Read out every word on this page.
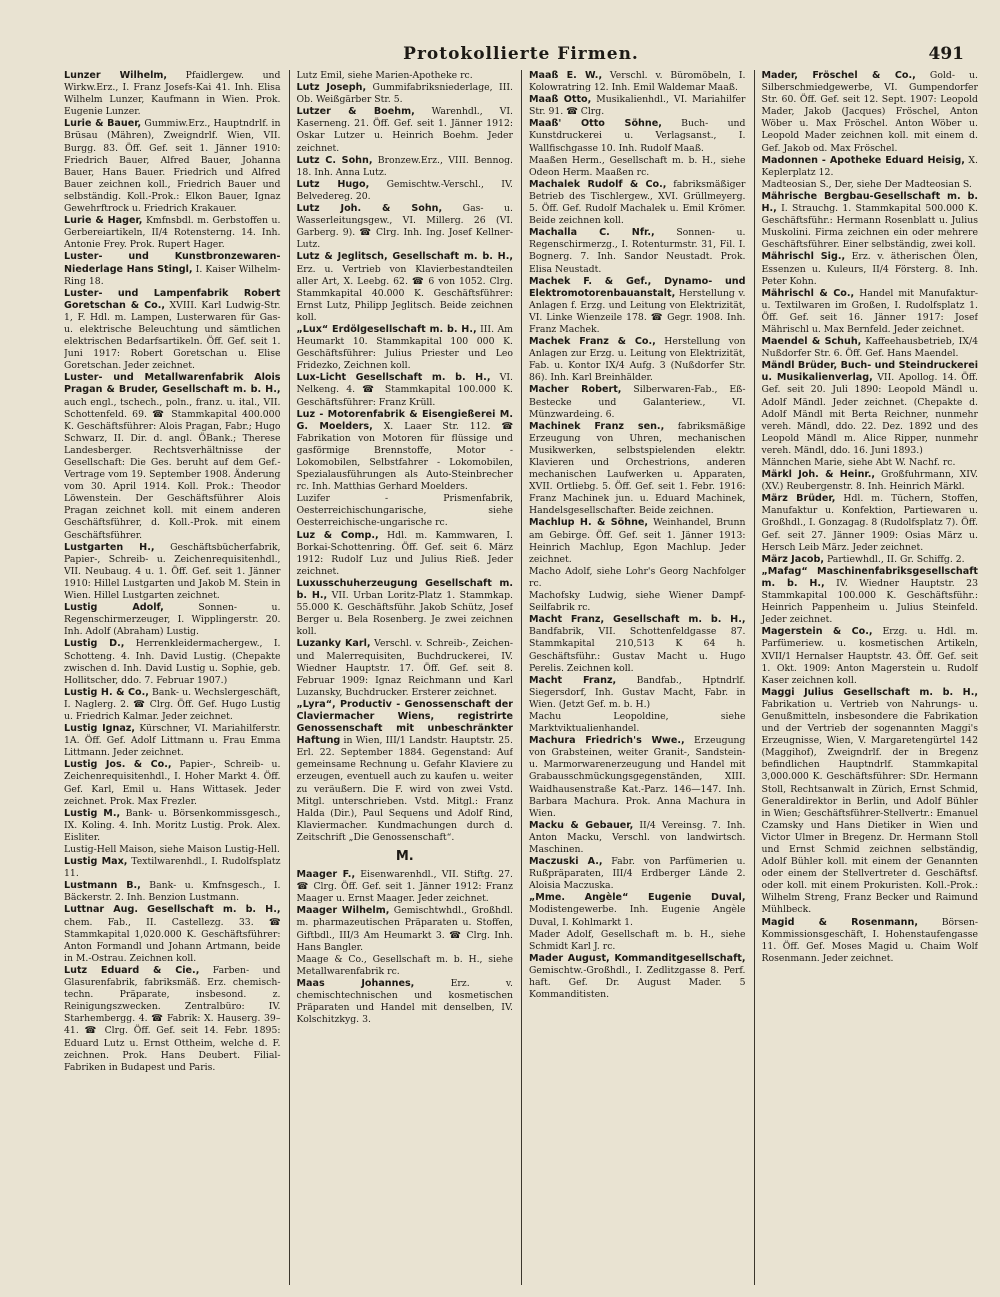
Protokollierte Firmen.	491
Lunzer Wilhelm, Pfaidlergew. und Wirkw.Erz., I. Franz Josefs-Kai 41. Inh. Elisa Wilhelm Lunzer, Kaufmann in Wien. Prok. Eugenie Lunzer.
Lurie & Bauer, Gummiw.Erz., Hauptndrlf. in Brüsau (Mähren), Zweigndrlf. Wien, VII. Burgg. 83. Öff. Gef. seit 1. Jänner 1910: Friedrich Bauer, Alfred Bauer, Johanna Bauer, Hans Bauer. Friedrich und Alfred Bauer zeichnen koll., Friedrich Bauer und selbständig. Koll.-Prok.: Elkon Bauer, Ignaz Gewehrftrock u. Friedrich Krakauer.
Lurie & Hager, Kmfnsbdl. m. Gerbstoffen u. Gerbereiartikeln, II/4 Rotensterng. 14. Inh. Antonie Frey. Prok. Rupert Hager.
Luster- und Kunstbronzewaren-Niederlage Hans Stingl, I. Kaiser Wilhelm-Ring 18.
Luster- und Lampenfabrik Robert Goretschan & Co., XVIII. Karl Ludwig-Str. 1, F. Hdl. m. Lampen, Lusterwaren für Gas- u. elektrische Beleuchtung und sämtlichen elektrischen Bedarfsartikeln. Öff. Gef. seit 1. Juni 1917: Robert Goretschan u. Elise Goretschan. Jeder zeichnet.
Luster- und Metallwarenfabrik Alois Pragan & Bruder, Gesellschaft m. b. H., auch engl., tschech., poln., franz. u. ital., VII. Schottenfeld. 69. ☎ Stammkapital 400.000 K. Geschäftsführer: Alois Pragan, Fabr.; Hugo Schwarz, II. Dir. d. angl. ÖBank.; Therese Landesberger. Rechtsverhältnisse der Gesellschaft: Die Ges. beruht auf dem Gef.-Vertrage vom 19. September 1908. Änderung vom 30. April 1914. Koll. Prok.: Theodor Löwenstein. Der Geschäftsführer Alois Pragan zeichnet koll. mit einem anderen Geschäftsführer, d. Koll.-Prok. mit einem Geschäftsführer.
Lustgarten H., Geschäftsbücherfabrik, Papier-, Schreib- u. Zeichenrequisitenhdl., VII. Neubaug. 4 u. 1. Öff. Gef. seit 1. Jänner 1910: Hillel Lustgarten und Jakob M. Stein in Wien. Hillel Lustgarten zeichnet.
Lustig Adolf, Sonnen- u. Regenschirmerzeuger, I. Wipplingerstr. 20. Inh. Adolf (Abraham) Lustig.
Lustig D., Herrenkleidermachergew., I. Schotteng. 4. Inh. David Lustig. (Chepakte zwischen d. Inh. David Lustig u. Sophie, geb. Hollitscher, ddo. 7. Februar 1907.)
Lustig H. & Co., Bank- u. Wechslergeschäft, I. Naglerg. 2. ☎ Clrg. Öff. Gef. Hugo Lustig u. Friedrich Kalmar. Jeder zeichnet.
Lustig Ignaz, Kürschner, VI. Mariahilferstr. 1A. Öff. Gef. Adolf Littmann u. Frau Emma Littmann. Jeder zeichnet.
Lustig Jos. & Co., Papier-, Schreib- u. Zeichenrequisitenhdl., I. Hoher Markt 4. Öff. Gef. Karl, Emil u. Hans Wittasek. Jeder zeichnet. Prok. Max Frezler.
Lustig M., Bank- u. Börsenkommissgesch., IX. Koling. 4. Inh. Moritz Lustig. Prok. Alex. Eisliter.
Lustig-Hell Maison, siehe Maison Lustig-Hell.
Lustig Max, Textilwarenhdl., I. Rudolfsplatz 11.
Lustmann B., Bank- u. Kmfnsgesch., I. Bäckerstr. 2. Inh. Benzion Lustmann.
Luttnar Aug. Gesellschaft m. b. H., chem. Fab., II. Castellezg. 33. ☎ Stammkapital 1,020.000 K. Geschäftsführer: Anton Formandl und Johann Artmann, beide in M.-Ostrau. Zeichnen koll.
Lutz Eduard & Cie., Farben- und Glasurenfabrik, fabriksmäß. Erz. chemisch-techn. Präparate, insbesond. z. Reinigungszwecken. Zentralbüro: IV. Starhembergg. 4. ☎ Fabrik: X. Hauserg. 39–41. ☎ Clrg. Öff. Gef. seit 14. Febr. 1895: Eduard Lutz u. Ernst Ottheim, welche d. F. zeichnen. Prok. Hans Deubert. Filial-Fabriken in Budapest und Paris.
Lutz Emil, siehe Marien-Apotheke rc.
Lutz Joseph, Gummifabriksniederlage, III. Ob. Weißgärber Str. 5.
Lutzer & Boehm, Warenhdl., VI. Kaserneng. 21. Öff. Gef. seit 1. Jänner 1912: Oskar Lutzer u. Heinrich Boehm. Jeder zeichnet.
Lutz C. Sohn, Bronzew.Erz., VIII. Bennog. 18. Inh. Anna Lutz.
Lutz Hugo, Gemischtw.-Verschl., IV. Belvedereg. 20.
Lutz Joh. & Sohn, Gas- u. Wasserleitungsgew., VI. Millerg. 26 (VI. Garberg. 9). ☎ Clrg. Inh. Ing. Josef Kellner-Lutz.
Lutz & Jeglitsch, Gesellschaft m. b. H., Erz. u. Vertrieb von Klavierbestandteilen aller Art, X. Leebg. 62. ☎ 6 von 1052. Clrg. Stammkapital 40.000 K. Geschäftsführer: Ernst Lutz, Philipp Jeglitsch. Beide zeichnen koll.
„Lux“ Erdölgesellschaft m. b. H., III. Am Heumarkt 10. Stammkapital 100 000 K. Geschäftsführer: Julius Priester und Leo Fridezko, Zeichnen koll.
Lux-Licht Gesellschaft m. b. H., VI. Nelkeng. 4. ☎ Stammkapital 100.000 K. Geschäftsführer: Franz Krüll.
Luz - Motorenfabrik & Eisengießerei M. G. Moelders, X. Laaer Str. 112. ☎ Fabrikation von Motoren für flüssige und gasförmige Brennstoffe, Motor - Lokomobilen, Selbstfahrer - Lokomobilen, Spezialausführungen als Auto-Steinbrecher rc. Inh. Matthias Gerhard Moelders.
Luzifer - Prismenfabrik, Oesterreichischungarische, siehe Oesterreichische-ungarische rc.
Luz & Comp., Hdl. m. Kammwaren, I. Borkai-Schottenring. Öff. Gef. seit 6. März 1912: Rudolf Luz und Julius Rieß. Jeder zeichnet.
Luxusschuherzeugung Gesellschaft m. b. H., VII. Urban Loritz-Platz 1. Stammkap. 55.000 K. Geschäftsführ. Jakob Schütz, Josef Berger u. Bela Rosenberg. Je zwei zeichnen koll.
Luzanky Karl, Verschl. v. Schreib-, Zeichen- und Malerrequisiten, Buchdruckerei, IV. Wiedner Hauptstr. 17. Öff. Gef. seit 8. Februar 1909: Ignaz Reichmann und Karl Luzansky, Buchdrucker. Ersterer zeichnet.
„Lyra“, Productiv - Genossenschaft der Claviermacher Wiens, registrirte Genossenschaft mit unbeschränkter Haftung in Wien, III/1 Landstr. Hauptstr. 25. Erl. 22. September 1884. Gegenstand: Auf gemeinsame Rechnung u. Gefahr Klaviere zu erzeugen, eventuell auch zu kaufen u. weiter zu veräußern. Die F. wird von zwei Vstd. Mitgl. unterschrieben. Vstd. Mitgl.: Franz Halda (Dir.), Paul Sequens und Adolf Rind, Klaviermacher. Kundmachungen durch d. Zeitschrift „Die Genossenschaft“.
M.
Maager F., Eisenwarenhdl., VII. Stiftg. 27. ☎ Clrg. Öff. Gef. seit 1. Jänner 1912: Franz Maager u. Ernst Maager. Jeder zeichnet.
Maager Wilhelm, Gemischtwhdl., Großhdl. m. pharmazeutischen Präparaten u. Stoffen, Giftbdl., III/3 Am Heumarkt 3. ☎ Clrg. Inh. Hans Bangler.
Maage & Co., Gesellschaft m. b. H., siehe Metallwarenfabrik rc.
Maas Johannes, Erz. v. chemischtechnischen und kosmetischen Präparaten und Handel mit denselben, IV. Kolschitzkyg. 3.
Maaß E. W., Verschl. v. Büromöbeln, I. Kolowratring 12. Inh. Emil Waldemar Maaß.
Maaß Otto, Musikalienhdl., VI. Mariahilfer Str. 91. ☎ Clrg.
Maaß' Otto Söhne, Buch- und Kunstdruckerei u. Verlagsanst., I. Wallfischgasse 10. Inh. Rudolf Maaß.
Maaßen Herm., Gesellschaft m. b. H., siehe Odeon Herm. Maaßen rc.
Machalek Rudolf & Co., fabriksmäßiger Betrieb des Tischlergew., XVI. Grüllmeyerg. 5. Öff. Gef. Rudolf Machalek u. Emil Krömer. Beide zeichnen koll.
Machalla C. Nfr., Sonnen- u. Regenschirmerzg., I. Rotenturmstr. 31, Fil. I. Bognerg. 7. Inh. Sandor Neustadt. Prok. Elisa Neustadt.
Machek F. & Gef., Dynamo- und Elektromotorenbauanstalt, Herstellung v. Anlagen f. Erzg. und Leitung von Elektrizität, VI. Linke Wienzeile 178. ☎ Gegr. 1908. Inh. Franz Machek.
Machek Franz & Co., Herstellung von Anlagen zur Erzg. u. Leitung von Elektrizität, Fab. u. Kontor IX/4 Aufg. 3 (Nußdorfer Str. 86). Inh. Karl Breinhälder.
Macher Robert, Silberwaren-Fab., Eß-Bestecke und Galanteriew., VI. Münzwardeing. 6.
Machinek Franz sen., fabriksmäßige Erzeugung von Uhren, mechanischen Musikwerken, selbstspielenden elektr. Klavieren und Orchestrions, anderen mechanischen Laufwerken u. Apparaten, XVII. Ortliebg. 5. Öff. Gef. seit 1. Febr. 1916: Franz Machinek jun. u. Eduard Machinek, Handelsgesellschafter. Beide zeichnen.
Machlup H. & Söhne, Weinhandel, Brunn am Gebirge. Öff. Gef. seit 1. Jänner 1913: Heinrich Machlup, Egon Machlup. Jeder zeichnet.
Macho Adolf, siehe Lohr's Georg Nachfolger rc.
Machofsky Ludwig, siehe Wiener Dampf-Seilfabrik rc.
Macht Franz, Gesellschaft m. b. H., Bandfabrik, VII. Schottenfeldgasse 87. Stammkapital 210,513 K 64 h. Geschäftsführ.: Gustav Macht u. Hugo Perelis. Zeichnen koll.
Macht Franz, Bandfab., Hptndrlf. Siegersdorf, Inh. Gustav Macht, Fabr. in Wien. (Jetzt Gef. m. b. H.)
Machu Leopoldine, siehe Marktviktualienhandel.
Machura Friedrich's Wwe., Erzeugung von Grabsteinen, weiter Granit-, Sandstein- u. Marmorwarenerzeugung und Handel mit Grabausschmückungsgegenständen, XIII. Waidhausenstraße Kat.-Parz. 146—147. Inh. Barbara Machura. Prok. Anna Machura in Wien.
Macku & Gebauer, II/4 Vereinsg. 7. Inh. Anton Macku, Verschl. von landwirtsch. Maschinen.
Maczuski A., Fabr. von Parfümerien u. Rußpräparaten, III/4 Erdberger Lände 2. Aloisia Maczuska.
„Mme. Angèle“ Eugenie Duval, Modistengewerbe. Inh. Eugenie Angèle Duval, I. Kohlmarkt 1.
Mader Adolf, Gesellschaft m. b. H., siehe Schmidt Karl J. rc.
Mader August, Kommanditgesellschaft, Gemischtw.-Großhdl., I. Zedlitzgasse 8. Perf. haft. Gef. Dr. August Mader. 5 Kommanditisten.
Mader, Fröschel & Co., Gold- u. Silberschmiedgewerbe, VI. Gumpendorfer Str. 60. Öff. Gef. seit 12. Sept. 1907: Leopold Mader, Jakob (Jacques) Fröschel, Anton Wöber u. Max Fröschel. Anton Wöber u. Leopold Mader zeichnen koll. mit einem d. Gef. Jakob od. Max Fröschel.
Madonnen - Apotheke Eduard Heisig, X. Keplerplatz 12.
Madteosian S., Der, siehe Der Madteosian S.
Mährische Bergbau-Gesellschaft m. b. H., I. Strauchg. 1. Stammkapital 500.000 K. Geschäftsführ.: Hermann Rosenblatt u. Julius Muskolini. Firma zeichnen ein oder mehrere Geschäftsführer. Einer selbständig, zwei koll.
Mährischl Sig., Erz. v. ätherischen Ölen, Essenzen u. Kuleurs, II/4 Försterg. 8. Inh. Peter Kohn.
Mährischl & Co., Handel mit Manufaktur- u. Textilwaren im Großen, I. Rudolfsplatz 1. Öff. Gef. seit 16. Jänner 1917: Josef Mährischl u. Max Bernfeld. Jeder zeichnet.
Maendel & Schuh, Kaffeehausbetrieb, IX/4 Nußdorfer Str. 6. Öff. Gef. Hans Maendel.
Mändl Brüder, Buch- und Steindruckerei u. Musikalienverlag, VII. Apollog. 14. Öff. Gef. seit 20. Juli 1890: Leopold Mändl u. Adolf Mändl. Jeder zeichnet. (Chepakte d. Adolf Mändl mit Berta Reichner, nunmehr vereh. Mändl, ddo. 22. Dez. 1892 und des Leopold Mändl m. Alice Ripper, nunmehr vereh. Mändl, ddo. 16. Juni 1893.)
Männchen Marie, siehe Abt W. Nachf. rc.
Märkl Joh. & Heinr., Großfuhrmann, XIV. (XV.) Reubergenstr. 8. Inh. Heinrich Märkl.
März Brüder, Hdl. m. Tüchern, Stoffen, Manufaktur u. Konfektion, Partiewaren u. Großhdl., I. Gonzagag. 8 (Rudolfsplatz 7). Öff. Gef. seit 27. Jänner 1909: Osias März u. Hersch Leib März. Jeder zeichnet.
März Jacob, Partiewhdl., II. Gr. Schiffg. 2.
„Mafag“ Maschinenfabriksgesellschaft m. b. H., IV. Wiedner Hauptstr. 23 Stammkapital 100.000 K. Geschäftsführ.: Heinrich Pappenheim u. Julius Steinfeld. Jeder zeichnet.
Magerstein & Co., Erzg. u. Hdl. m. Parfümeriew. u. kosmetischen Artikeln, XVII/1 Hernalser Hauptstr. 43. Öff. Gef. seit 1. Okt. 1909: Anton Magerstein u. Rudolf Kaser zeichnen koll.
Maggi Julius Gesellschaft m. b. H., Fabrikation u. Vertrieb von Nahrungs- u. Genußmitteln, insbesondere die Fabrikation und der Vertrieb der sogenannten Maggi's Erzeugnisse, Wien, V. Margaretengürtel 142 (Maggihof), Zweigndrlf. der in Bregenz befindlichen Hauptndrlf. Stammkapital 3,000.000 K. Geschäftsführer: SDr. Hermann Stoll, Rechtsanwalt in Zürich, Ernst Schmid, Generaldirektor in Berlin, und Adolf Bühler in Wien; Geschäftsführer-Stellvertr.: Emanuel Czamsky und Hans Dietiker in Wien und Victor Ulmer in Bregenz. Dr. Hermann Stoll und Ernst Schmid zeichnen selbständig, Adolf Bühler koll. mit einem der Genannten oder einem der Stellvertreter d. Geschäftsf. oder koll. mit einem Prokuristen. Koll.-Prok.: Wilhelm Streng, Franz Becker und Raimund Mühlbeck.
Magid & Rosenmann, Börsen-Kommissionsgeschäft, I. Hohenstaufengasse 11. Öff. Gef. Moses Magid u. Chaim Wolf Rosenmann. Jeder zeichnet.
